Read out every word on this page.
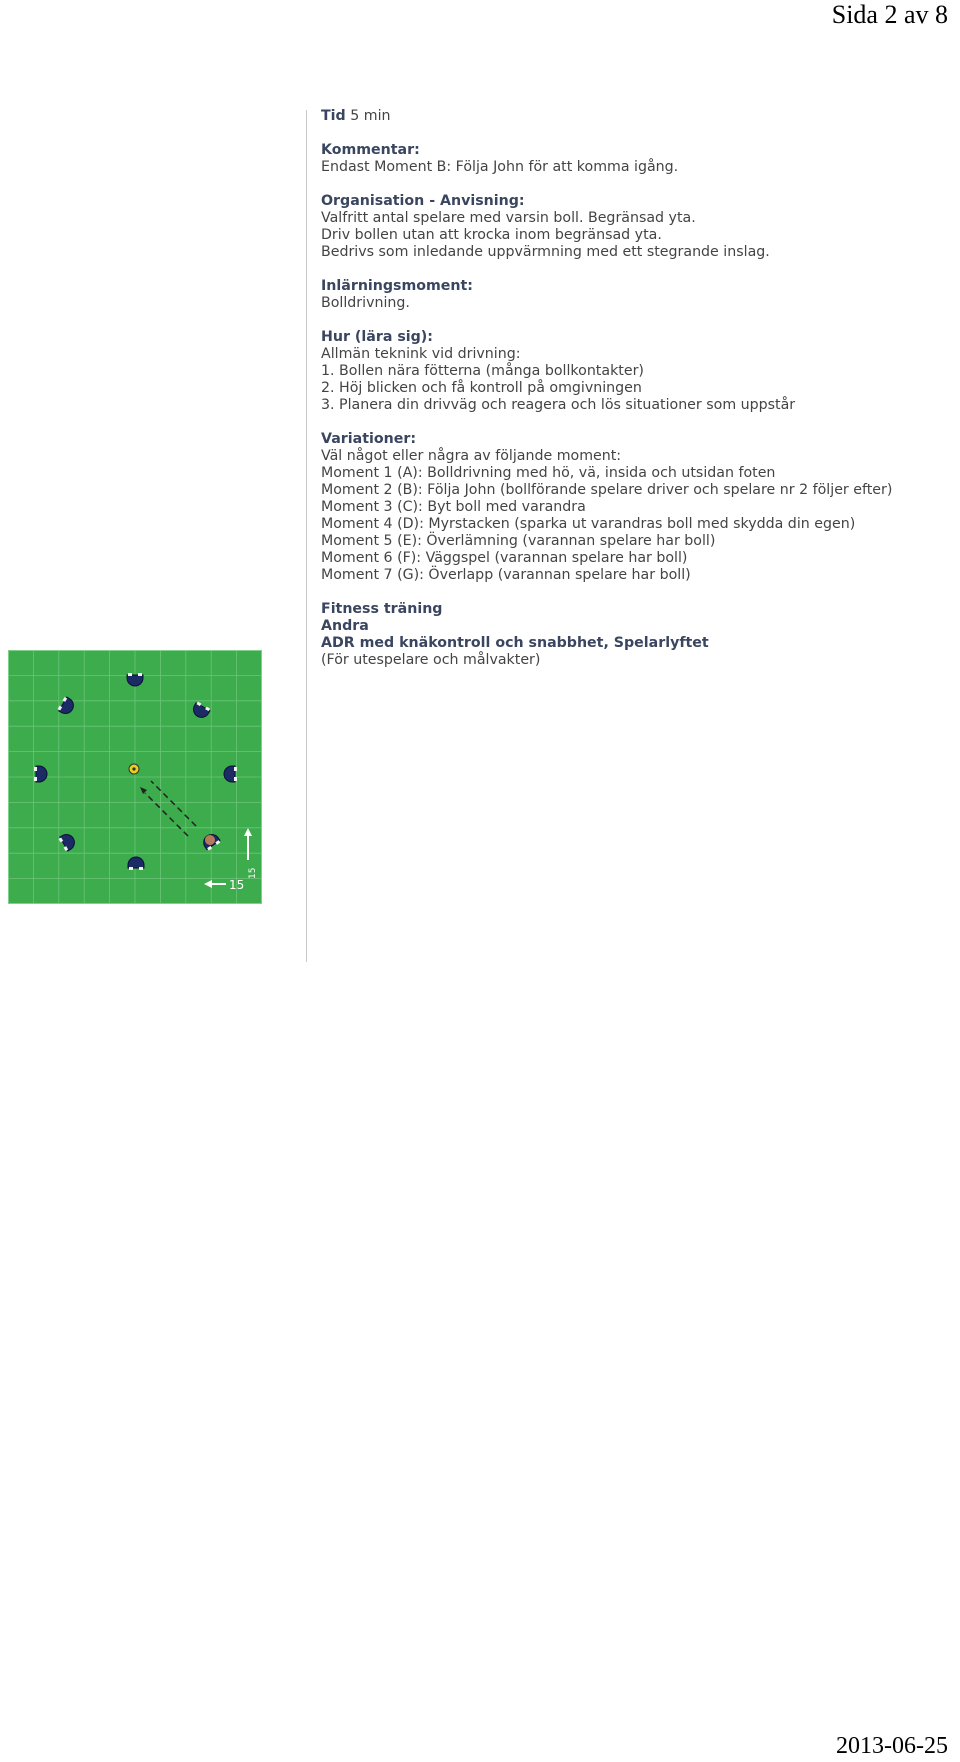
Sida 2 av 8
Tid 5 min
Kommentar:
Endast Moment B: Följa John för att komma igång.
Organisation - Anvisning:
Valfritt antal spelare med varsin boll. Begränsad yta.
Driv bollen utan att krocka inom begränsad yta.
Bedrivs som inledande uppvärmning med ett stegrande inslag.
Inlärningsmoment:
Bolldrivning.
Hur (lära sig):
Allmän teknink vid drivning:
1. Bollen nära fötterna (många bollkontakter)
2. Höj blicken och få kontroll på omgivningen
3. Planera din drivväg och reagera och lös situationer som uppstår
Variationer:
Väl något eller några av följande moment:
Moment 1 (A): Bolldrivning med hö, vä, insida och utsidan foten
Moment 2 (B): Följa John (bollförande spelare driver och spelare nr 2 följer efter)
Moment 3 (C): Byt boll med varandra
Moment 4 (D): Myrstacken (sparka ut varandras boll med skydda din egen)
Moment 5 (E): Överlämning (varannan spelare har boll)
Moment 6 (F): Väggspel (varannan spelare har boll)
Moment 7 (G): Överlapp (varannan spelare har boll)
Fitness träning
Andra
ADR med knäkontroll och snabbhet, Spelarlyftet
(För utespelare och målvakter)
15
15
2013-06-25
